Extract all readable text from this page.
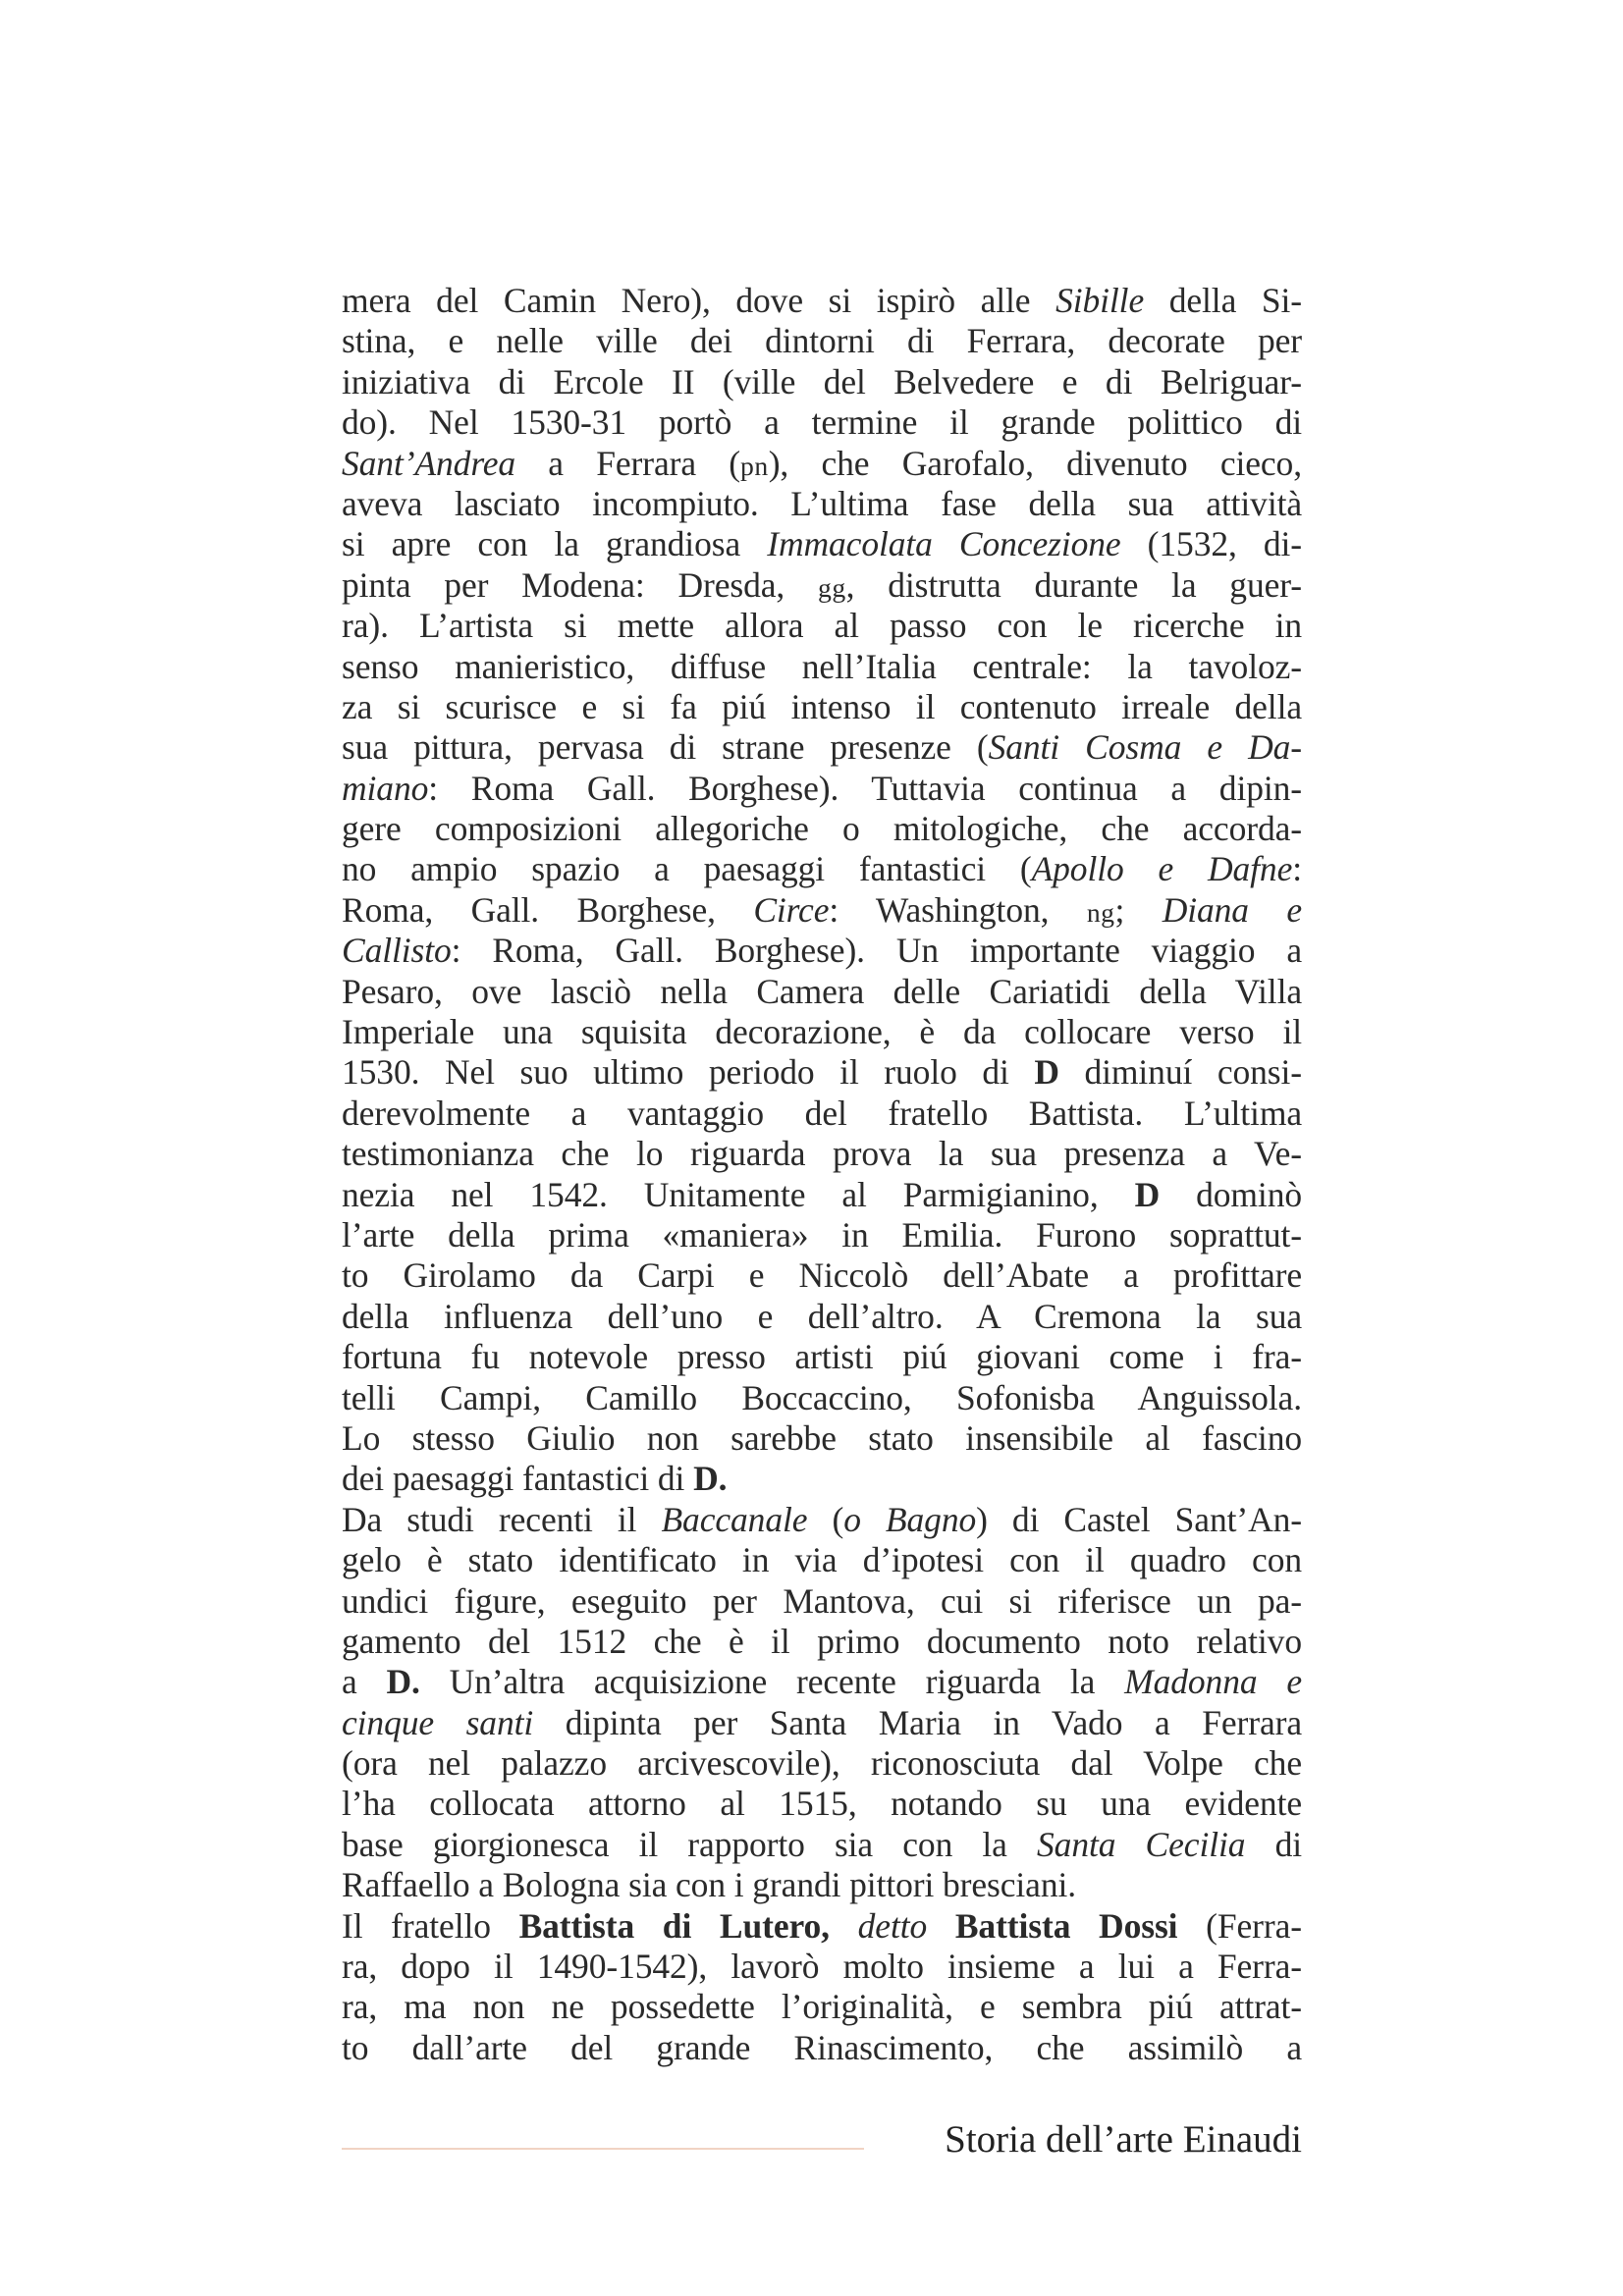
mera del Camin Nero), dove si ispirò alle Sibille della Si-
stina, e nelle ville dei dintorni di Ferrara, decorate per
iniziativa di Ercole II (ville del Belvedere e di Belriguar-
do). Nel 1530-31 portò a termine il grande polittico di
Sant’Andrea a Ferrara (pn), che Garofalo, divenuto cieco,
aveva lasciato incompiuto. L’ultima fase della sua attività
si apre con la grandiosa Immacolata Concezione (1532, di-
pinta per Modena: Dresda, gg, distrutta durante la guer-
ra). L’artista si mette allora al passo con le ricerche in
senso manieristico, diffuse nell’Italia centrale: la tavoloz-
za si scurisce e si fa piú intenso il contenuto irreale della
sua pittura, pervasa di strane presenze (Santi Cosma e Da-
miano: Roma Gall. Borghese). Tuttavia continua a dipin-
gere composizioni allegoriche o mitologiche, che accorda-
no ampio spazio a paesaggi fantastici (Apollo e Dafne:
Roma, Gall. Borghese, Circe: Washington, ng; Diana e
Callisto: Roma, Gall. Borghese). Un importante viaggio a
Pesaro, ove lasciò nella Camera delle Cariatidi della Villa
Imperiale una squisita decorazione, è da collocare verso il
1530. Nel suo ultimo periodo il ruolo di D diminuí consi-
derevolmente a vantaggio del fratello Battista. L’ultima
testimonianza che lo riguarda prova la sua presenza a Ve-
nezia nel 1542. Unitamente al Parmigianino, D dominò
l’arte della prima «maniera» in Emilia. Furono soprattut-
to Girolamo da Carpi e Niccolò dell’Abate a profittare
della influenza dell’uno e dell’altro. A Cremona la sua
fortuna fu notevole presso artisti piú giovani come i fra-
telli Campi, Camillo Boccaccino, Sofonisba Anguissola.
Lo stesso Giulio non sarebbe stato insensibile al fascino
dei paesaggi fantastici di D.
Da studi recenti il Baccanale (o Bagno) di Castel Sant’An-
gelo è stato identificato in via d’ipotesi con il quadro con
undici figure, eseguito per Mantova, cui si riferisce un pa-
gamento del 1512 che è il primo documento noto relativo
a D. Un’altra acquisizione recente riguarda la Madonna e
cinque santi dipinta per Santa Maria in Vado a Ferrara
(ora nel palazzo arcivescovile), riconosciuta dal Volpe che
l’ha collocata attorno al 1515, notando su una evidente
base giorgionesca il rapporto sia con la Santa Cecilia di
Raffaello a Bologna sia con i grandi pittori bresciani.
Il fratello Battista di Lutero, detto Battista Dossi (Ferra-
ra, dopo il 1490-1542), lavorò molto insieme a lui a Ferra-
ra, ma non ne possedette l’originalità, e sembra piú attrat-
to dall’arte del grande Rinascimento, che assimilò a
Storia dell’arte Einaudi
